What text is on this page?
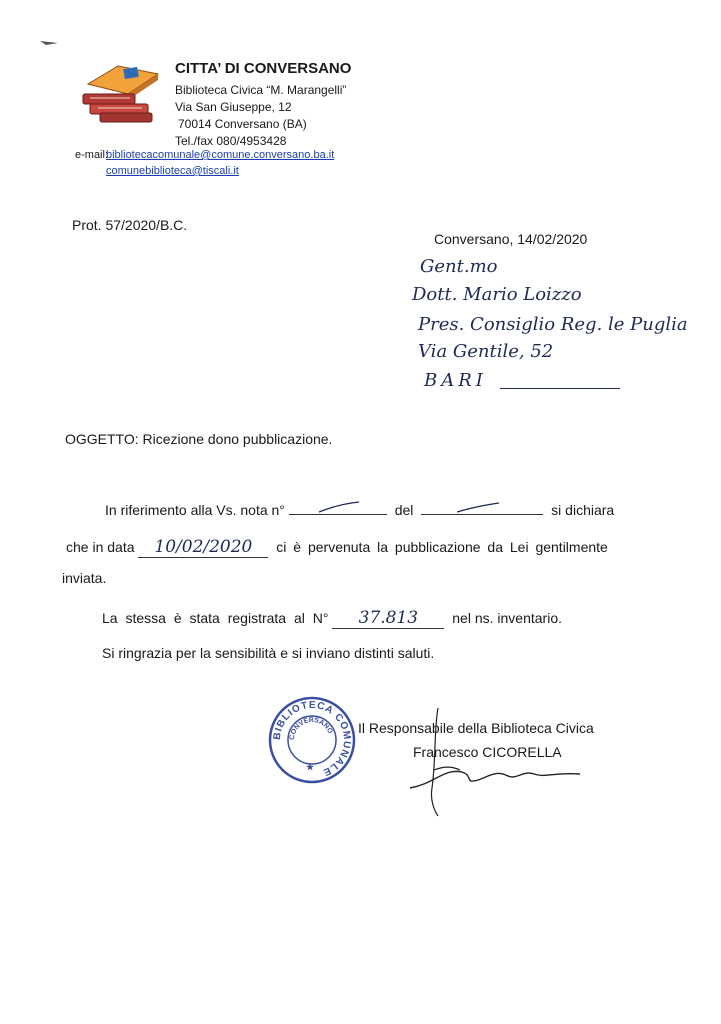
CITTA’ DI CONVERSANO
Biblioteca Civica “M. Marangelli”
Via San Giuseppe, 12
70014 Conversano (BA)
Tel./fax 080/4953428
e-mail:
bibliotecacomunale@comune.conversano.ba.it
comunebiblioteca@tiscali.it
Prot. 57/2020/B.C.
Conversano, 14/02/2020
Gent.mo
Dott. Mario Loizzo
Pres. Consiglio Reg. le Puglia
Via Gentile, 52
BARI
OGGETTO: Ricezione dono pubblicazione.
In riferimento alla Vs. nota n°	del	si dichiara
che in data 10/02/2020 ci è pervenuta la pubblicazione da Lei gentilmente
inviata.
La stessa è stata registrata al N° 37.813 nel ns. inventario.
Si ringrazia per la sensibilità e si inviano distinti saluti.
BIBLIOTECA COMUNALE
CONVERSANO
★
Il Responsabile della Biblioteca Civica
Francesco CICORELLA
